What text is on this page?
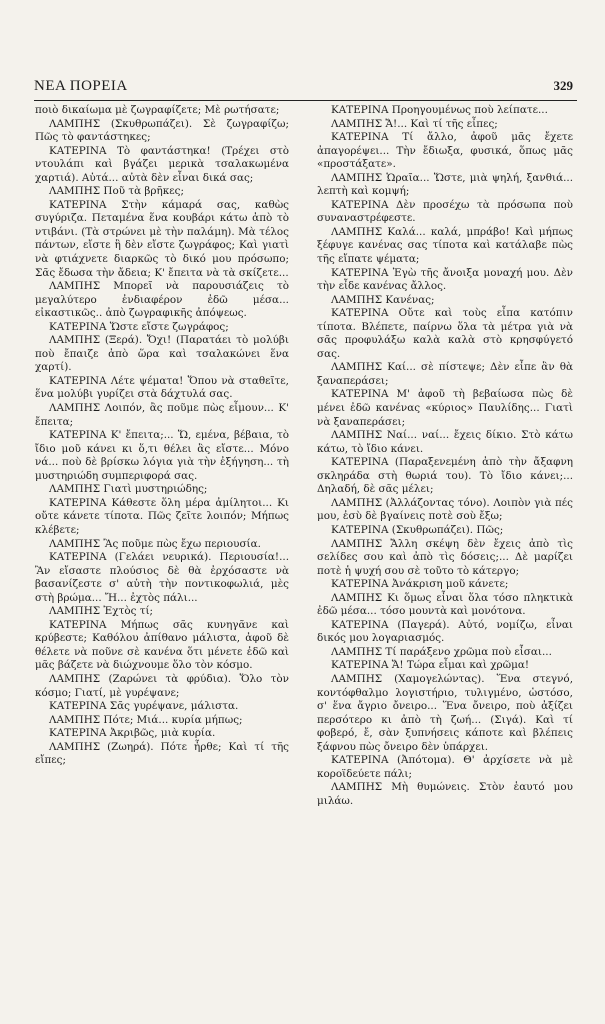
ΝΕΑ ΠΟΡΕΙΑ	329

ποιὸ δικαίωμα μὲ ζωγραφίζετε; Μὲ ρωτήσατε;

ΛΑΜΠΗΣ (Σκυθρωπάζει). Σὲ ζωγραφίζω; Πῶς τὸ φαντάστηκες;

ΚΑΤΕΡΙΝΑ Τὸ φαντάστηκα! (Τρέχει στὸ ντουλάπι καὶ βγάζει μερικὰ τσαλακωμένα χαρτιά). Αὐτά... αὐτὰ δὲν εἶναι δικά σας;

ΛΑΜΠΗΣ Ποῦ τὰ βρῆκες;

ΚΑΤΕΡΙΝΑ Στὴν κάμαρά σας, καθὼς συγύριζα. Πεταμένα ἕνα κουβάρι κάτω ἀπὸ τὸ ντιβάνι. (Τὰ στρώνει μὲ τὴν παλάμη). Μὰ τέλος πάντων, εἴστε ἢ δὲν εἴστε ζωγράφος; Καὶ γιατὶ νὰ φτιάχνετε διαρκῶς τὸ δικό μου πρόσωπο; Σᾶς ἔδωσα τὴν ἄδεια; Κ' ἔπειτα νὰ τὰ σκίζετε...

ΛΑΜΠΗΣ Μπορεῖ νὰ παρουσιάζεις τὸ μεγαλύτερο ἐνδιαφέρον ἐδῶ μέσα... εἰκαστικῶς.. ἀπὸ ζωγραφικῆς ἀπόψεως.

ΚΑΤΕΡΙΝΑ Ὥστε εἴστε ζωγράφος;

ΛΑΜΠΗΣ (Ξερά). Ὄχι! (Παρατάει τὸ μολύβι ποὺ ἔπαιζε ἀπὸ ὥρα καὶ τσαλακώνει ἕνα χαρτί).

ΚΑΤΕΡΙΝΑ Λέτε ψέματα! Ὅπου νὰ σταθεῖτε, ἕνα μολύβι γυρίζει στὰ δάχτυλά σας.

ΛΑΜΠΗΣ Λοιπόν, ἂς ποῦμε πὼς εἶμουν... Κ' ἔπειτα;

ΚΑΤΕΡΙΝΑ Κ' ἔπειτα;... Ὥ, εμένα, βέβαια, τὸ ἴδιο μοῦ κάνει κι ὅ,τι θέλει ἂς εἴστε... Μόνο νά... ποὺ δὲ βρίσκω λόγια γιὰ τὴν ἐξήγηση... τὴ μυστηριώδη συμπεριφορά σας.

ΛΑΜΠΗΣ Γιατὶ μυστηριώδης;

ΚΑΤΕΡΙΝΑ Κάθεστε ὅλη μέρα ἀμίλητοι... Κι οὔτε κάνετε τίποτα. Πῶς ζεῖτε λοιπόν; Μήπως κλέβετε;

ΛΑΜΠΗΣ Ἂς ποῦμε πὼς ἔχω περιουσία.

ΚΑΤΕΡΙΝΑ (Γελάει νευρικά). Περιουσία!... Ἂν εἴσαστε πλούσιος δὲ θὰ ἐρχόσαστε νὰ βασανίζεστε σ' αὐτὴ τὴν ποντικοφωλιά, μὲς στὴ βρώμα... Ἤ... ἐχτὸς πάλι...

ΛΑΜΠΗΣ Ἐχτὸς τί;

ΚΑΤΕΡΙΝΑ Μήπως σᾶς κυνηγᾶνε καὶ κρύβεστε; Καθόλου ἀπίθανο μάλιστα, ἀφοῦ δὲ θέλετε νὰ ποῦνε σὲ κανένα ὅτι μένετε ἐδῶ καὶ μᾶς βάζετε νὰ διώχνουμε ὅλο τὸν κόσμο.

ΛΑΜΠΗΣ (Ζαρώνει τὰ φρύδια). Ὅλο τὸν κόσμο; Γιατί, μὲ γυρέψανε;

ΚΑΤΕΡΙΝΑ Σᾶς γυρέψανε, μάλιστα.

ΛΑΜΠΗΣ Πότε; Μιά... κυρία μήπως;

ΚΑΤΕΡΙΝΑ Ἀκριβῶς, μιὰ κυρία.

ΛΑΜΠΗΣ (Ζωηρά). Πότε ἦρθε; Καὶ τί τῆς εἴπες;

ΚΑΤΕΡΙΝΑ Προηγουμένως ποὺ λείπατε...

ΛΑΜΠΗΣ Ἄ!... Καὶ τί τῆς εἶπες;

ΚΑΤΕΡΙΝΑ Τί ἄλλο, ἀφοῦ μᾶς ἔχετε ἀπαγορέψει... Τὴν ἔδιωξα, φυσικά, ὅπως μᾶς «προστάξατε».

ΛΑΜΠΗΣ Ὡραῖα... Ὥστε, μιὰ ψηλή, ξανθιά... λεπτὴ καὶ κομψή;

ΚΑΤΕΡΙΝΑ Δὲν προσέχω τὰ πρόσωπα ποὺ συναναστρέφεστε.

ΛΑΜΠΗΣ Καλά... καλά, μπράβο! Καὶ μήπως ξέφυγε κανένας σας τίποτα καὶ κατάλαβε πὼς τῆς εἴπατε ψέματα;

ΚΑΤΕΡΙΝΑ Ἐγὼ τῆς ἄνοιξα μοναχή μου. Δὲν τὴν εἶδε κανένας ἄλλος.

ΛΑΜΠΗΣ Κανένας;

ΚΑΤΕΡΙΝΑ Οὔτε καὶ τοὺς εἶπα κατόπιν τίποτα. Βλέπετε, παίρνω ὅλα τὰ μέτρα γιὰ νὰ σᾶς προφυλάξω καλὰ καλὰ στὸ κρησφύγετό σας.

ΛΑΜΠΗΣ Καί... σὲ πίστεψε; Δὲν εἶπε ἂν θὰ ξαναπεράσει;

ΚΑΤΕΡΙΝΑ Μ' ἀφοῦ τὴ βεβαίωσα πὼς δὲ μένει ἐδῶ κανένας «κύριος» Παυλίδης... Γιατὶ νὰ ξαναπεράσει;

ΛΑΜΠΗΣ Ναί... ναί... ἔχεις δίκιο. Στὸ κάτω κάτω, τὸ ἴδιο κάνει.

ΚΑΤΕΡΙΝΑ (Παραξενεμένη ἀπὸ τὴν ἄξαφνη σκληράδα στὴ θωριά του). Τὸ ἴδιο κάνει;... Δηλαδή, δὲ σᾶς μέλει;

ΛΑΜΠΗΣ (Ἀλλάζοντας τόνο). Λοιπὸν γιὰ πές μου, ἐσὺ δὲ βγαίνεις ποτὲ σοὺ ἔξω;

ΚΑΤΕΡΙΝΑ (Σκυθρωπάζει). Πῶς;

ΛΑΜΠΗΣ Ἄλλη σκέψη δὲν ἔχεις ἀπὸ τὶς σελίδες σου καὶ ἀπὸ τὶς δόσεις;... Δὲ μαρίζει ποτὲ ἡ ψυχή σου σὲ τοῦτο τὸ κάτεργο;

ΚΑΤΕΡΙΝΑ Ἀνάκριση μοῦ κάνετε;

ΛΑΜΠΗΣ Κι ὅμως εἶναι ὅλα τόσο πληκτικὰ ἐδῶ μέσα... τόσο μουντὰ καὶ μονότονα.

ΚΑΤΕΡΙΝΑ (Παγερά). Αὐτό, νομίζω, εἶναι δικός μου λογαριασμός.

ΛΑΜΠΗΣ Τί παράξενο χρῶμα ποὺ εἶσαι...

ΚΑΤΕΡΙΝΑ Ἄ! Τώρα εἶμαι καὶ χρῶμα!

ΛΑΜΠΗΣ (Χαμογελώντας). Ἕνα στεγνό, κοντόφθαλμο λογιστήριο, τυλιγμένο, ὡστόσο, σ' ἕνα ἄγριο ὄνειρο... Ἕνα ὄνειρο, ποὺ ἀξίζει περσότερο κι ἀπὸ τὴ ζωή... (Σιγά). Καὶ τί φοβερό, ἔ, σὰν ξυπνήσεις κάποτε καὶ βλέπεις ξάφνου πὼς ὄνειρο δὲν ὑπάρχει.

ΚΑΤΕΡΙΝΑ (Ἀπότομα). Θ' ἀρχίσετε νὰ μὲ κοροϊδεύετε πάλι;

ΛΑΜΠΗΣ Μὴ θυμώνεις. Στὸν ἑαυτό μου μιλάω.
